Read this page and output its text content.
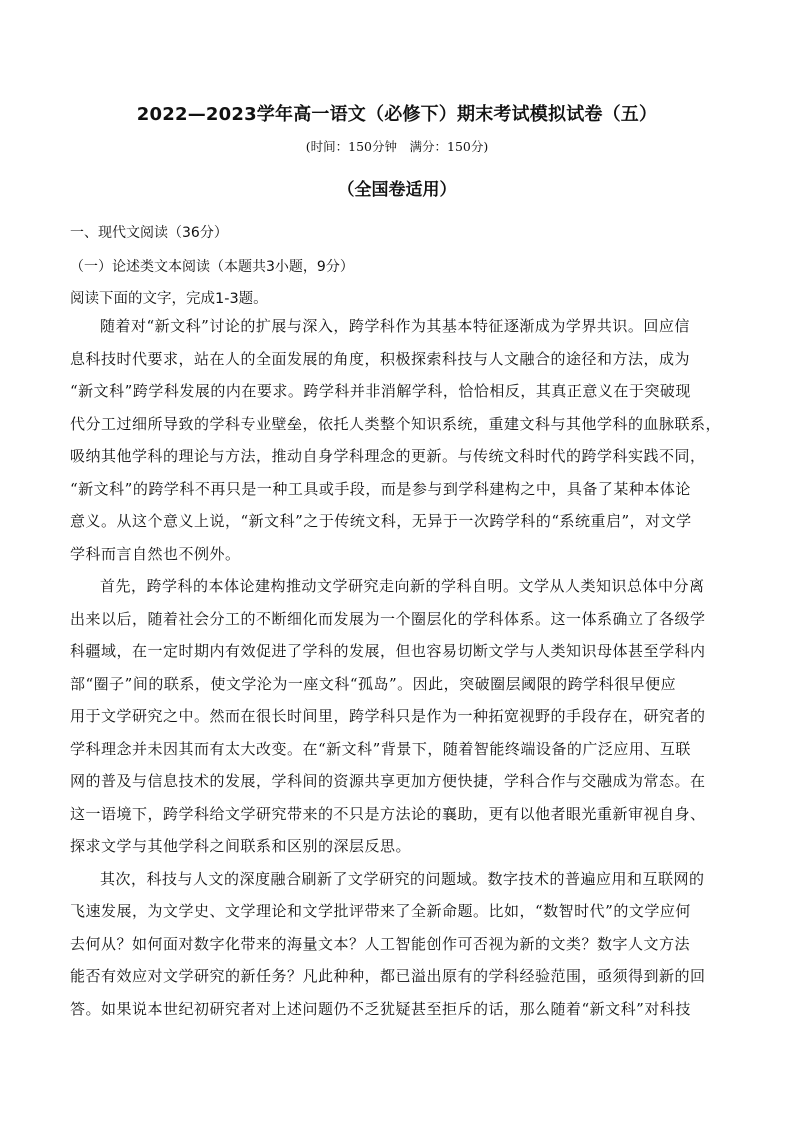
2022—2023学年高一语文（必修下）期末考试模拟试卷（五）
(时间：150分钟　满分：150分)
（全国卷适用）
一、现代文阅读（36分）
（一）论述类文本阅读（本题共3小题，9分）
阅读下面的文字，完成1-3题。
随着对“新文科”讨论的扩展与深入，跨学科作为其基本特征逐渐成为学界共识。回应信
息科技时代要求，站在人的全面发展的角度，积极探索科技与人文融合的途径和方法，成为
“新文科”跨学科发展的内在要求。跨学科并非消解学科，恰恰相反，其真正意义在于突破现
代分工过细所导致的学科专业壁垒，依托人类整个知识系统，重建文科与其他学科的血脉联系，
吸纳其他学科的理论与方法，推动自身学科理念的更新。与传统文科时代的跨学科实践不同，
“新文科”的跨学科不再只是一种工具或手段，而是参与到学科建构之中，具备了某种本体论
意义。从这个意义上说，“新文科”之于传统文科，无异于一次跨学科的“系统重启”，对文学
学科而言自然也不例外。
首先，跨学科的本体论建构推动文学研究走向新的学科自明。文学从人类知识总体中分离
出来以后，随着社会分工的不断细化而发展为一个圈层化的学科体系。这一体系确立了各级学
科疆域，在一定时期内有效促进了学科的发展，但也容易切断文学与人类知识母体甚至学科内
部“圈子”间的联系，使文学沦为一座文科“孤岛”。因此，突破圈层阈限的跨学科很早便应
用于文学研究之中。然而在很长时间里，跨学科只是作为一种拓宽视野的手段存在，研究者的
学科理念并未因其而有太大改变。在“新文科”背景下，随着智能终端设备的广泛应用、互联
网的普及与信息技术的发展，学科间的资源共享更加方便快捷，学科合作与交融成为常态。在
这一语境下，跨学科给文学研究带来的不只是方法论的襄助，更有以他者眼光重新审视自身、
探求文学与其他学科之间联系和区别的深层反思。
其次，科技与人文的深度融合刷新了文学研究的问题域。数字技术的普遍应用和互联网的
飞速发展，为文学史、文学理论和文学批评带来了全新命题。比如，“数智时代”的文学应何
去何从？如何面对数字化带来的海量文本？人工智能创作可否视为新的文类？数字人文方法
能否有效应对文学研究的新任务？凡此种种，都已溢出原有的学科经验范围，亟须得到新的回
答。如果说本世纪初研究者对上述问题仍不乏犹疑甚至拒斥的话，那么随着“新文科”对科技
